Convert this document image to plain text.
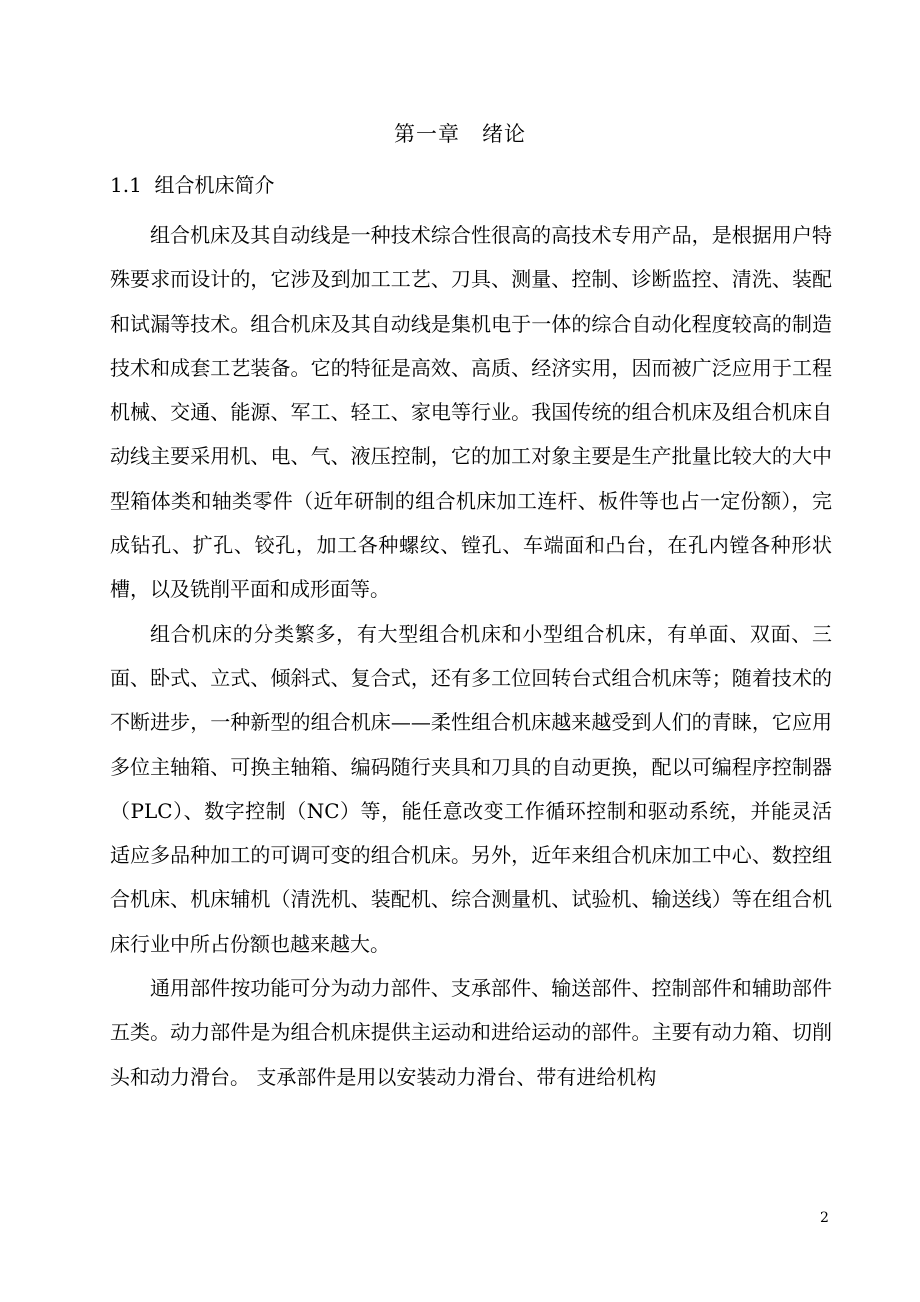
第一章　绪论
1.1  组合机床简介

组合机床及其自动线是一种技术综合性很高的高技术专用产品，是根据用户特殊要求而设计的，它涉及到加工工艺、刀具、测量、控制、诊断监控、清洗、装配和试漏等技术。组合机床及其自动线是集机电于一体的综合自动化程度较高的制造技术和成套工艺装备。它的特征是高效、高质、经济实用，因而被广泛应用于工程机械、交通、能源、军工、轻工、家电等行业。我国传统的组合机床及组合机床自动线主要采用机、电、气、液压控制，它的加工对象主要是生产批量比较大的大中型箱体类和轴类零件（近年研制的组合机床加工连杆、板件等也占一定份额），完成钻孔、扩孔、铰孔，加工各种螺纹、镗孔、车端面和凸台，在孔内镗各种形状槽，以及铣削平面和成形面等。

组合机床的分类繁多，有大型组合机床和小型组合机床，有单面、双面、三面、卧式、立式、倾斜式、复合式，还有多工位回转台式组合机床等；随着技术的不断进步，一种新型的组合机床——柔性组合机床越来越受到人们的青睐，它应用多位主轴箱、可换主轴箱、编码随行夹具和刀具的自动更换，配以可编程序控制器（PLC）、数字控制（NC）等，能任意改变工作循环控制和驱动系统，并能灵活适应多品种加工的可调可变的组合机床。另外，近年来组合机床加工中心、数控组合机床、机床辅机（清洗机、装配机、综合测量机、试验机、输送线）等在组合机床行业中所占份额也越来越大。

通用部件按功能可分为动力部件、支承部件、输送部件、控制部件和辅助部件五类。动力部件是为组合机床提供主运动和进给运动的部件。主要有动力箱、切削头和动力滑台。 支承部件是用以安装动力滑台、带有进给机构

2
